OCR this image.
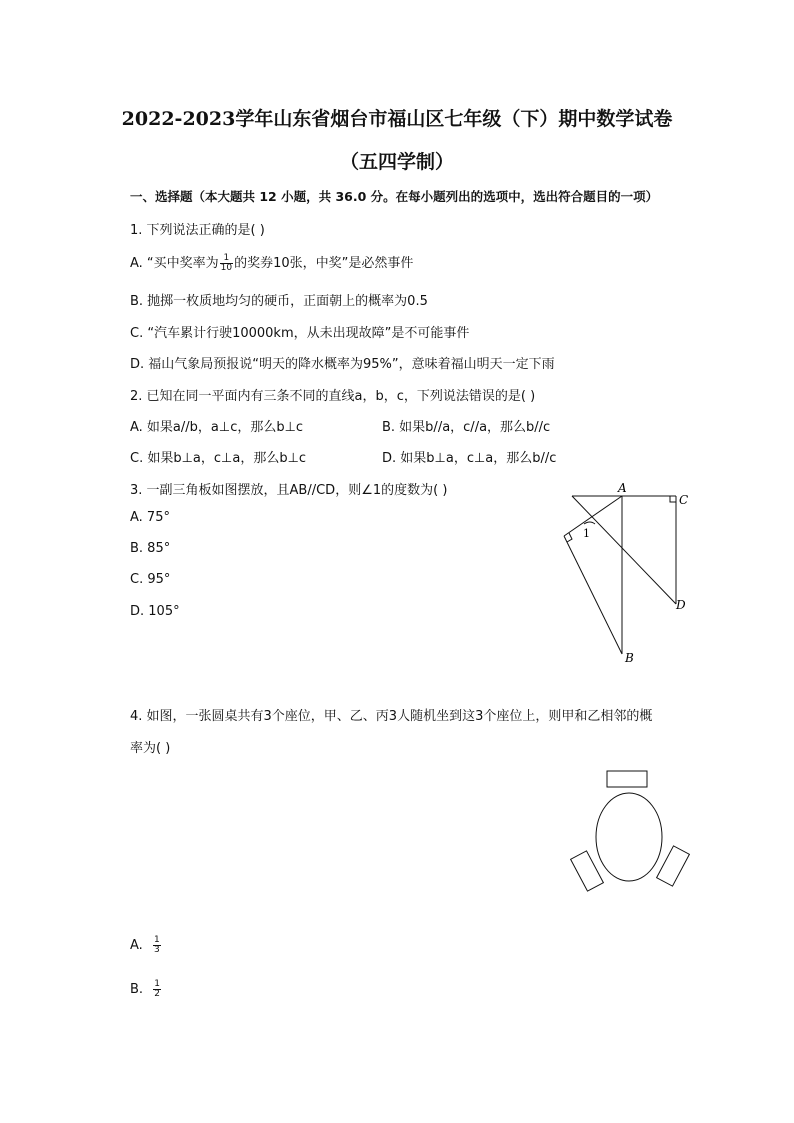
2022-2023学年山东省烟台市福山区七年级（下）期中数学试卷
（五四学制）
一、选择题（本大题共 12 小题，共 36.0 分。在每小题列出的选项中，选出符合题目的一项）
1. 下列说法正确的是( )
A. “买中奖率为 $\frac{1}{10}$ 的奖券10张，中奖”是必然事件
B. 抛掷一枚质地均匀的硬币，正面朝上的概率为0.5
C. “汽车累计行驶10000km，从未出现故障”是不可能事件
D. 福山气象局预报说“明天的降水概率为95%”，意味着福山明天一定下雨
2. 已知在同一平面内有三条不同的直线a，b，c，下列说法错误的是( )
A. 如果a//b，a⊥c，那么b⊥c	B. 如果b//a，c//a，那么b//c
C. 如果b⊥a，c⊥a，那么b⊥c	D. 如果b⊥a，c⊥a，那么b//c
3. 一副三角板如图摆放，且AB//CD，则∠1的度数为( )
A. 75°
B. 85°
C. 95°
D. 105°
A
C
D
B
1
4. 如图，一张圆桌共有3个座位，甲、乙、丙3人随机坐到这3个座位上，则甲和乙相邻的概
率为( )
A. $\frac{1}{3}$
B. $\frac{1}{2}$
